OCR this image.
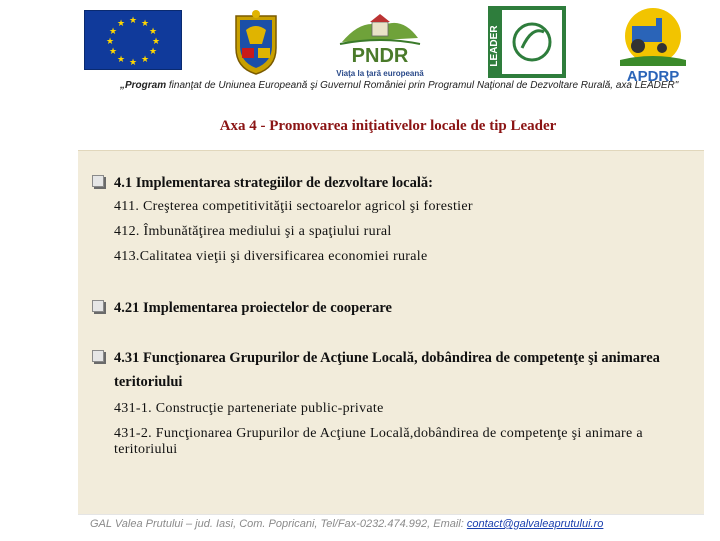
★ ★
★
★
★
★
★
★
★
★
★
★
PNDR
Viaţa la ţară europeană
LEADER
APDRP
„Program finanţat de Uniunea Europeană şi Guvernul României prin Programul Naţional de Dezvoltare Rurală, axa LEADER"
Axa 4 - Promovarea iniţiativelor locale de tip Leader
4.1 Implementarea strategiilor de dezvoltare locală:
411. Creşterea competitivităţii sectoarelor agricol şi forestier
412. Îmbunătăţirea mediului şi a spaţiului rural
413.Calitatea vieţii şi diversificarea economiei rurale
4.21 Implementarea proiectelor de cooperare
4.31 Funcţionarea Grupurilor de Acţiune Locală, dobândirea de competenţe şi animarea teritoriului
431-1. Construcţie parteneriate public-private
431-2. Funcţionarea Grupurilor de Acţiune Locală,dobândirea de competenţe şi animare a teritoriului
GAL Valea Prutului – jud. Iasi, Com. Popricani, Tel/Fax-0232.474.992, Email: contact@galvaleaprutului.ro
